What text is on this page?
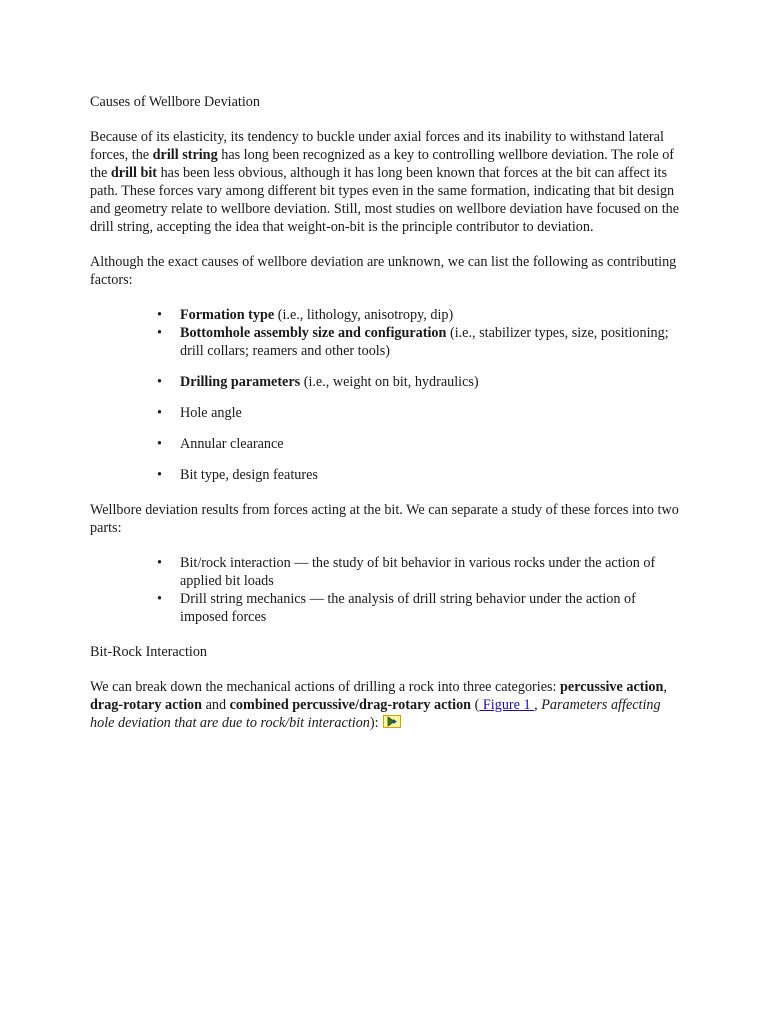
Causes of Wellbore Deviation

Because of its elasticity, its tendency to buckle under axial forces and its inability to withstand lateral forces, the drill string has long been recognized as a key to controlling wellbore deviation. The role of the drill bit has been less obvious, although it has long been known that forces at the bit can affect its path. These forces vary among different bit types even in the same formation, indicating that bit design and geometry relate to wellbore deviation. Still, most studies on wellbore deviation have focused on the drill string, accepting the idea that weight-on-bit is the principle contributor to deviation.

Although the exact causes of wellbore deviation are unknown, we can list the following as contributing factors:

• Formation type (i.e., lithology, anisotropy, dip)
• Bottomhole assembly size and configuration (i.e., stabilizer types, size, positioning; drill collars; reamers and other tools)
• Drilling parameters (i.e., weight on bit, hydraulics)
• Hole angle
• Annular clearance
• Bit type, design features

Wellbore deviation results from forces acting at the bit. We can separate a study of these forces into two parts:

• Bit/rock interaction — the study of bit behavior in various rocks under the action of applied bit loads
• Drill string mechanics — the analysis of drill string behavior under the action of imposed forces

Bit-Rock Interaction

We can break down the mechanical actions of drilling a rock into three categories: percussive action, drag-rotary action and combined percussive/drag-rotary action ( Figure 1 , Parameters affecting hole deviation that are due to rock/bit interaction):
